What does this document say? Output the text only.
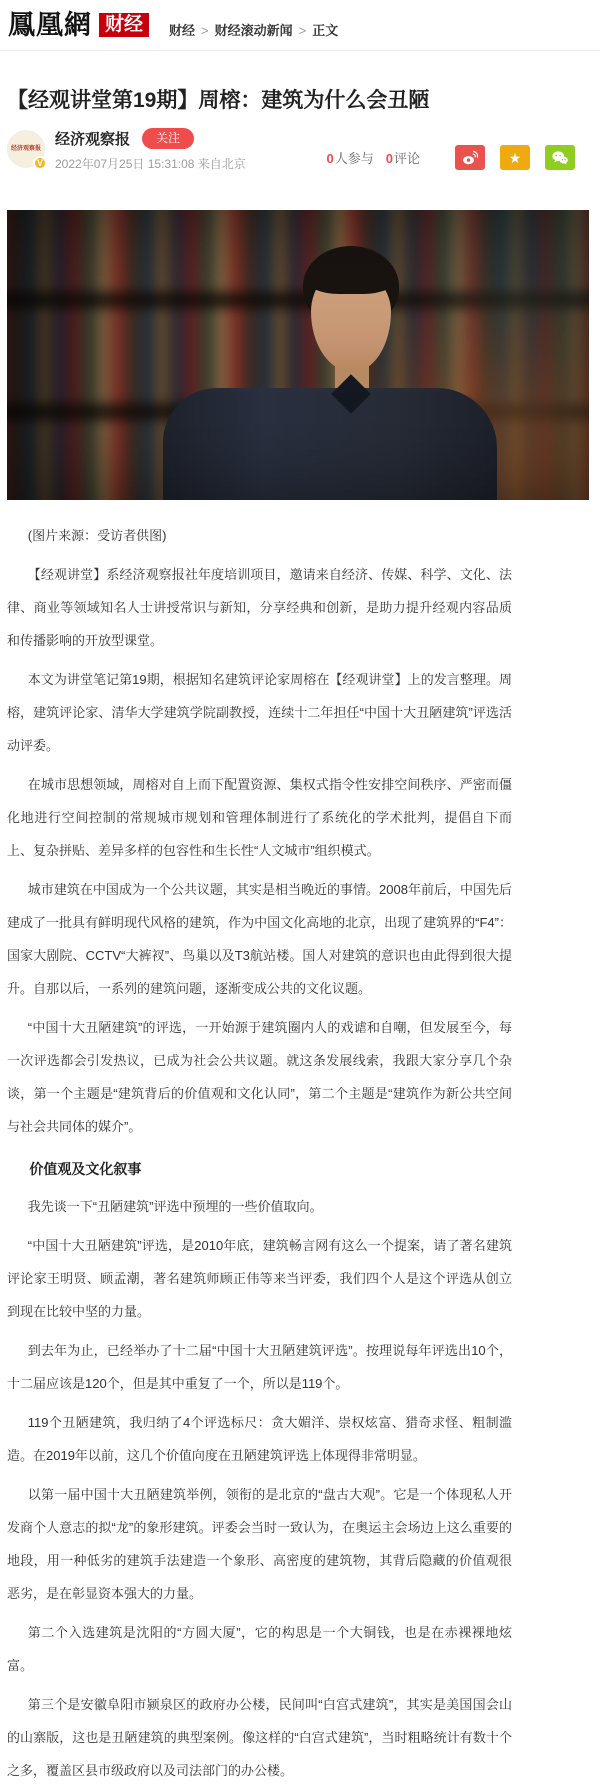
鳳凰網 财经	财经 > 财经滚动新闻 > 正文
【经观讲堂第19期】周榕：建筑为什么会丑陋
经济观察报
V
经济观察报	关注
2022年07月25日 15:31:08 来自北京	0人参与 0评论	★

(图片来源：受访者供图)

【经观讲堂】系经济观察报社年度培训项目，邀请来自经济、传媒、科学、文化、法律、商业等领域知名人士讲授常识与新知，分享经典和创新，是助力提升经观内容品质和传播影响的开放型课堂。

本文为讲堂笔记第19期，根据知名建筑评论家周榕在【经观讲堂】上的发言整理。周榕，建筑评论家、清华大学建筑学院副教授，连续十二年担任“中国十大丑陋建筑”评选活动评委。

在城市思想领域，周榕对自上而下配置资源、集权式指令性安排空间秩序、严密而僵化地进行空间控制的常规城市规划和管理体制进行了系统化的学术批判，提倡自下而上、复杂拼贴、差异多样的包容性和生长性“人文城市”组织模式。

城市建筑在中国成为一个公共议题，其实是相当晚近的事情。2008年前后，中国先后建成了一批具有鲜明现代风格的建筑，作为中国文化高地的北京，出现了建筑界的“F4”：国家大剧院、CCTV“大裤衩”、鸟巢以及T3航站楼。国人对建筑的意识也由此得到很大提升。自那以后，一系列的建筑问题，逐渐变成公共的文化议题。

“中国十大丑陋建筑”的评选，一开始源于建筑圈内人的戏谑和自嘲，但发展至今，每一次评选都会引发热议，已成为社会公共议题。就这条发展线索，我跟大家分享几个杂谈，第一个主题是“建筑背后的价值观和文化认同”，第二个主题是“建筑作为新公共空间与社会共同体的媒介”。

价值观及文化叙事

我先谈一下“丑陋建筑”评选中预埋的一些价值取向。

“中国十大丑陋建筑”评选，是2010年底，建筑畅言网有这么一个提案，请了著名建筑评论家王明贤、顾孟潮，著名建筑师顾正伟等来当评委，我们四个人是这个评选从创立到现在比较中坚的力量。

到去年为止，已经举办了十二届“中国十大丑陋建筑评选”。按理说每年评选出10个，十二届应该是120个，但是其中重复了一个，所以是119个。

119个丑陋建筑，我归纳了4个评选标尺：贪大媚洋、崇权炫富、猎奇求怪、粗制滥造。在2019年以前，这几个价值向度在丑陋建筑评选上体现得非常明显。

以第一届中国十大丑陋建筑举例，领衔的是北京的“盘古大观”。它是一个体现私人开发商个人意志的拟“龙”的象形建筑。评委会当时一致认为，在奥运主会场边上这么重要的地段，用一种低劣的建筑手法建造一个象形、高密度的建筑物，其背后隐藏的价值观很恶劣，是在彰显资本强大的力量。

第二个入选建筑是沈阳的“方圆大厦”，它的构思是一个大铜钱，也是在赤裸裸地炫富。

第三个是安徽阜阳市颍泉区的政府办公楼，民间叫“白宫式建筑”，其实是美国国会山的山寨版，这也是丑陋建筑的典型案例。像这样的“白宫式建筑”，当时粗略统计有数十个之多，覆盖区县市级政府以及司法部门的办公楼。
